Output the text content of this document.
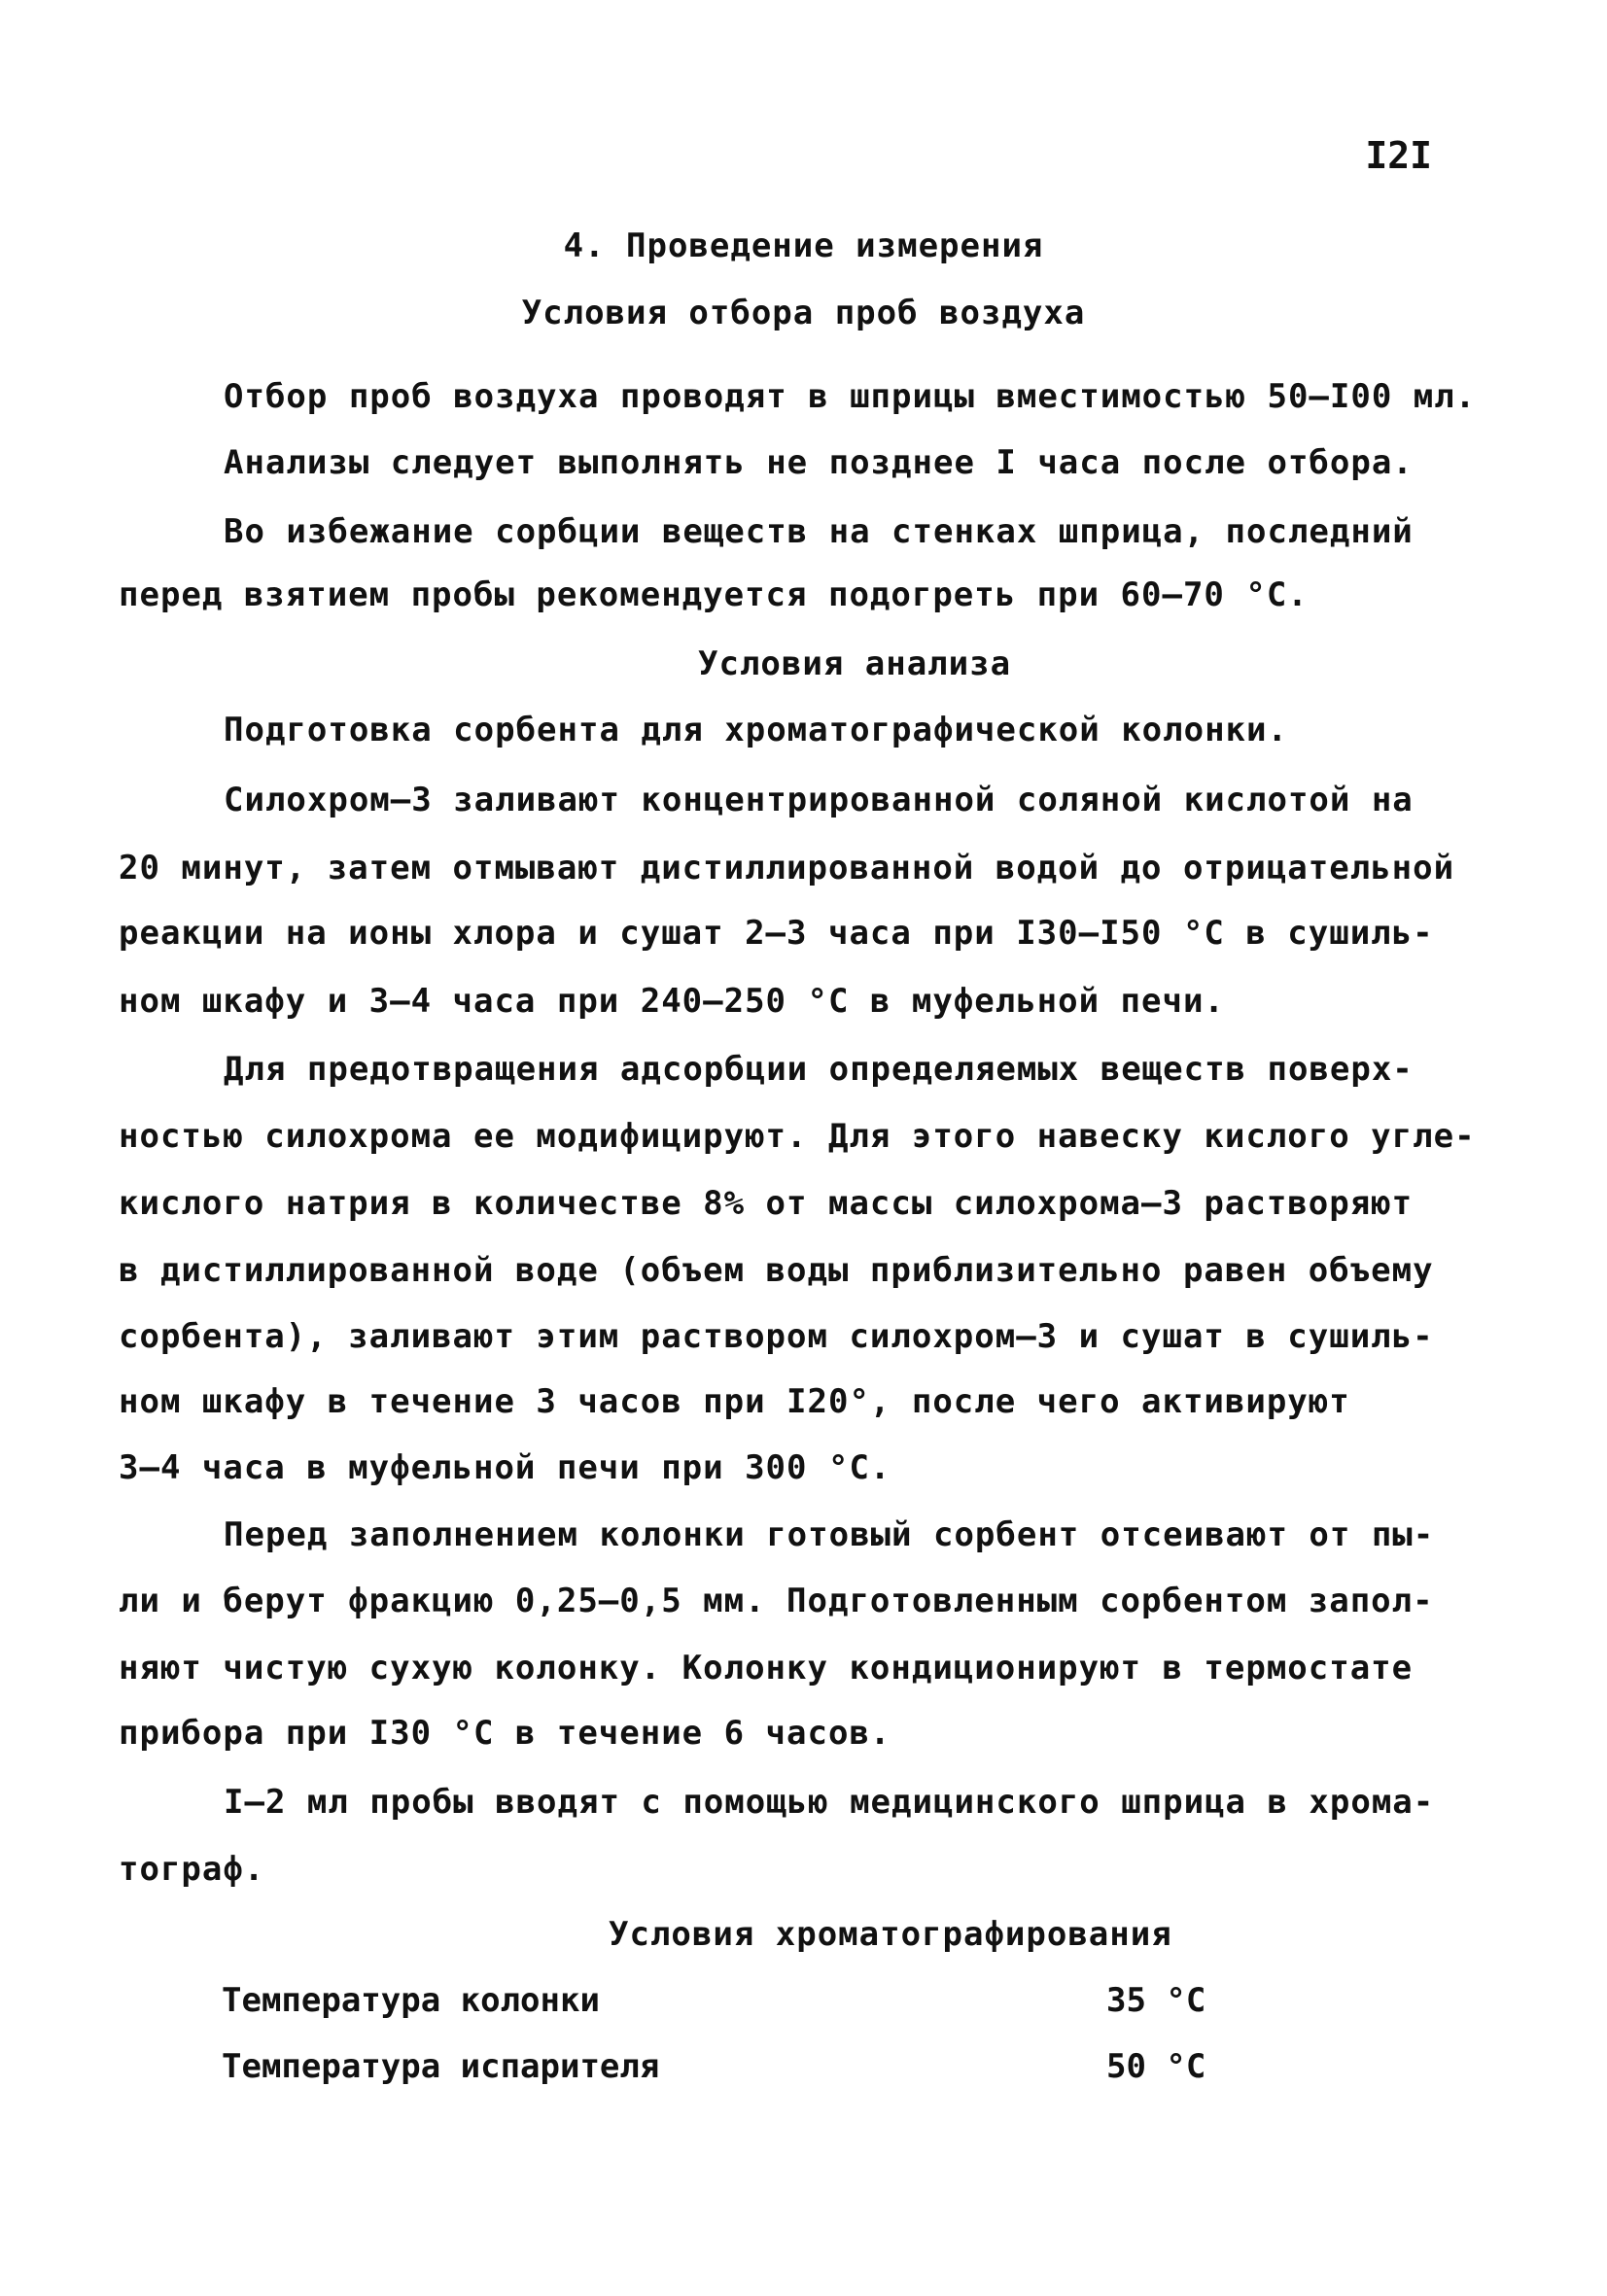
I2I
4. Проведение измерения
Условия отбора проб воздуха
Отбор проб воздуха проводят в шприцы вместимостью 50–I00 мл.
Анализы следует выполнять не позднее I часа после отбора.
Во избежание сорбции веществ на стенках шприца, последний
перед взятием пробы рекомендуется подогреть при 60–70 °С.
Условия анализа
Подготовка сорбента для хроматографической колонки.
Силохром–3 заливают концентрированной соляной кислотой на
20 минут, затем отмывают дистиллированной водой до отрицательной
реакции на ионы хлора и сушат 2–3 часа при I30–I50 °С в сушиль-
ном шкафу и 3–4 часа при 240–250 °С в муфельной печи.
Для предотвращения адсорбции определяемых веществ поверх-
ностью силохрома ее модифицируют. Для этого навеску кислого угле-
кислого натрия в количестве 8% от массы силохрома–3 растворяют
в дистиллированной воде (объем воды приблизительно равен объему
сорбента), заливают этим раствором силохром–3 и сушат в сушиль-
ном шкафу в течение 3 часов при I20°, после чего активируют
3–4 часа в муфельной печи при 300 °С.
Перед заполнением колонки готовый сорбент отсеивают от пы-
ли и берут фракцию 0,25–0,5 мм. Подготовленным сорбентом запол-
няют чистую сухую колонку. Колонку кондиционируют в термостате
прибора при I30 °С в течение 6 часов.
I–2 мл пробы вводят с помощью медицинского шприца в хрома-
тограф.
Условия хроматографирования
Температура колонки	35 °С
Температура испарителя	50 °С
